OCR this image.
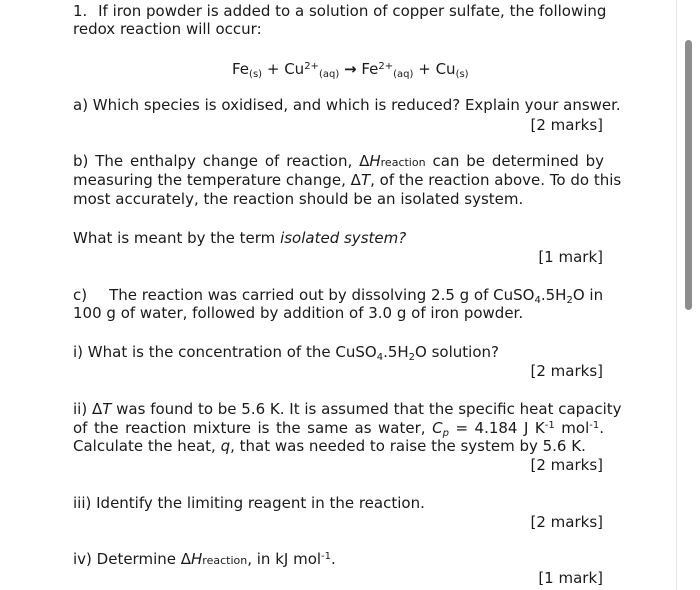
1. If iron powder is added to a solution of copper sulfate, the following
redox reaction will occur:
$Fe_{(s)} + Cu^{2+}_{(aq)} \to Fe^{2+}_{(aq)} + Cu_{(s)}$
a) Which species is oxidised, and which is reduced? Explain your answer.
[2 marks]
b) The enthalpy change of reaction, ΔHreaction can be determined by
measuring the temperature change, ΔT, of the reaction above. To do this
most accurately, the reaction should be an isolated system.
What is meant by the term isolated system?
[1 mark]
c) The reaction was carried out by dissolving 2.5 g of $CuSO_4.5H_2O$ in
100 g of water, followed by addition of 3.0 g of iron powder.
i) What is the concentration of the $CuSO_4.5H_2O$ solution?
[2 marks]
ii) ΔT was found to be 5.6 K. It is assumed that the specific heat capacity
of the reaction mixture is the same as water, $C_p = 4.184$ J $K^{-1}$ mol$^{-1}$.
Calculate the heat, q, that was needed to raise the system by 5.6 K.
[2 marks]
iii) Identify the limiting reagent in the reaction.
[2 marks]
iv) Determine ΔHreaction, in kJ mol$^{-1}$.
[1 mark]
